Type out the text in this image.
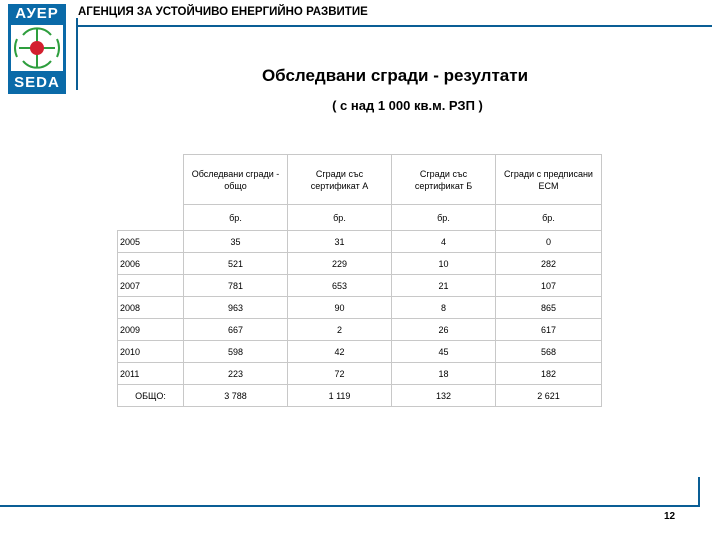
АУЕР
SEDA
АГЕНЦИЯ ЗА УСТОЙЧИВО ЕНЕРГИЙНО РАЗВИТИЕ
Обследвани сгради - резултати
( с над 1 000 кв.м. РЗП )
	Обследвани сгради - общо	Сгради със сертификат А	Сгради със сертификат Б	Сгради с предписани ЕСМ
	бр.	бр.	бр.	бр.
2005	35	31	4	0
2006	521	229	10	282
2007	781	653	21	107
2008	963	90	8	865
2009	667	2	26	617
2010	598	42	45	568
2011	223	72	18	182
ОБЩО:	3 788	1 119	132	2 621
12
